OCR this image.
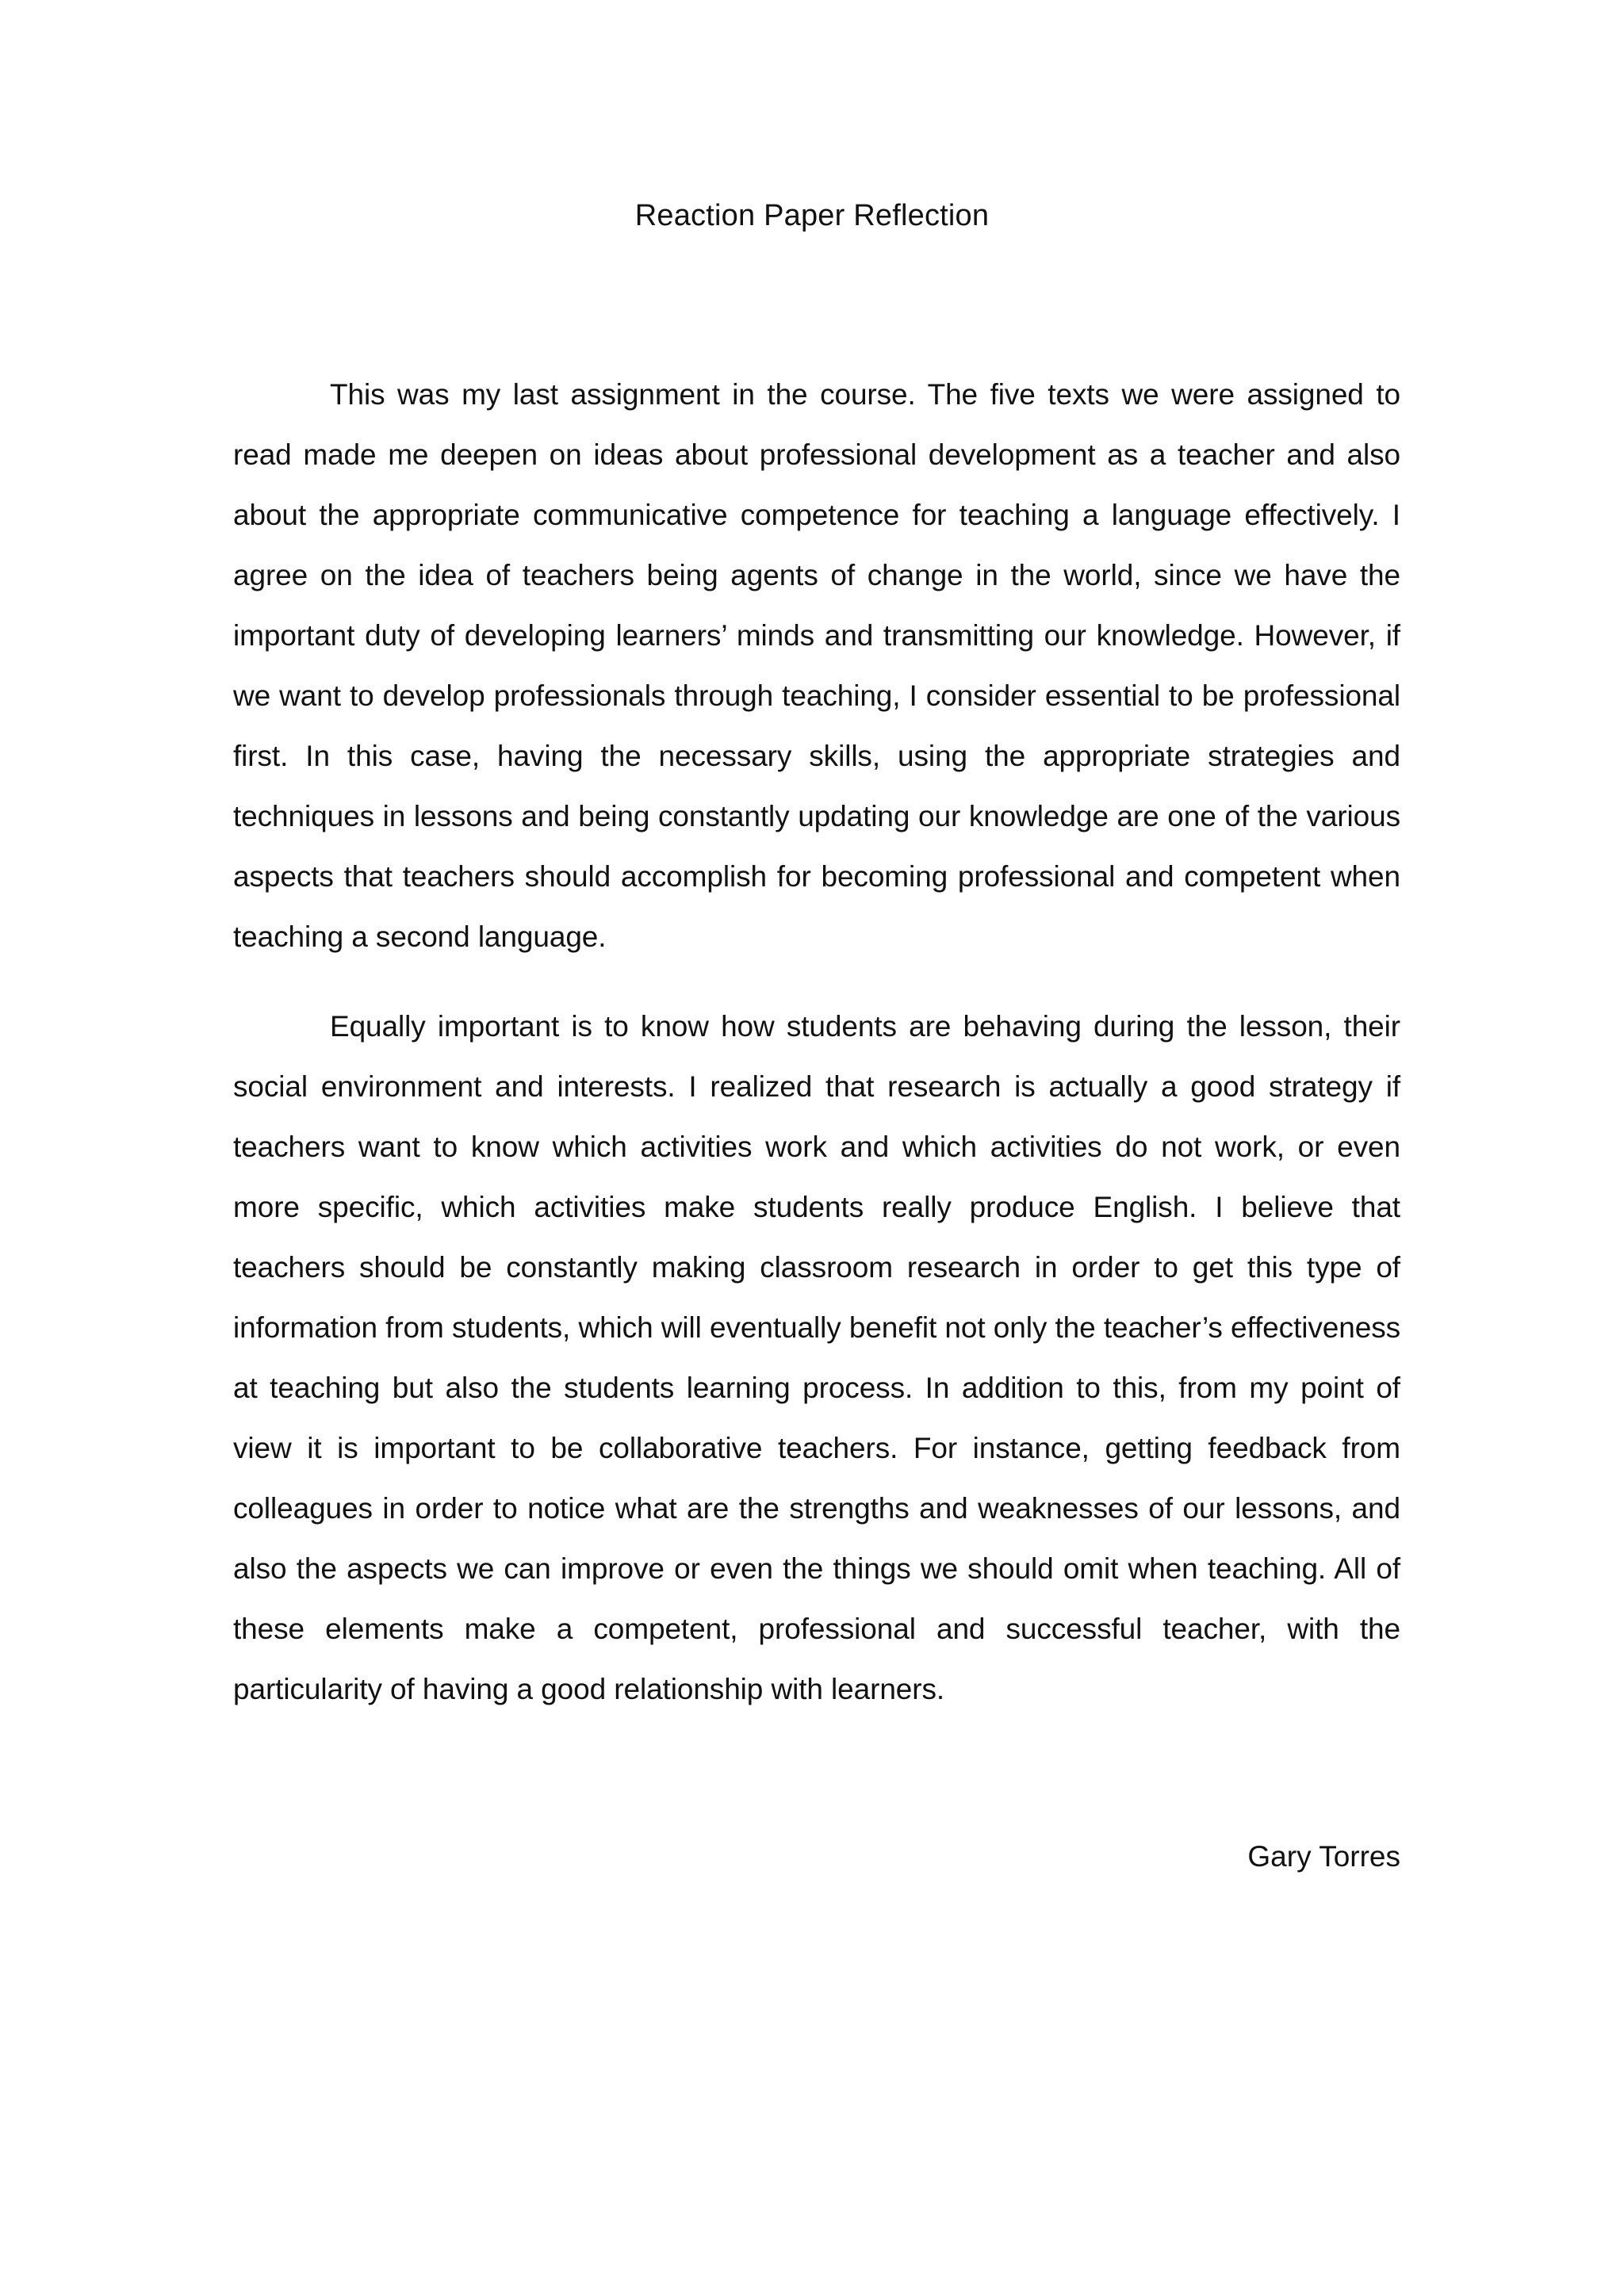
Reaction Paper Reflection

This was my last assignment in the course. The five texts we were assigned to read made me deepen on ideas about professional development as a teacher and also about the appropriate communicative competence for teaching a language effectively. I agree on the idea of teachers being agents of change in the world, since we have the important duty of developing learners’ minds and transmitting our knowledge. However, if we want to develop professionals through teaching, I consider essential to be professional first. In this case, having the necessary skills, using the appropriate strategies and techniques in lessons and being constantly updating our knowledge are one of the various aspects that teachers should accomplish for becoming professional and competent when teaching a second language.

Equally important is to know how students are behaving during the lesson, their social environment and interests. I realized that research is actually a good strategy if teachers want to know which activities work and which activities do not work, or even more specific, which activities make students really produce English. I believe that teachers should be constantly making classroom research in order to get this type of information from students, which will eventually benefit not only the teacher’s effectiveness at teaching but also the students learning process. In addition to this, from my point of view it is important to be collaborative teachers. For instance, getting feedback from colleagues in order to notice what are the strengths and weaknesses of our lessons, and also the aspects we can improve or even the things we should omit when teaching. All of these elements make a competent, professional and successful teacher, with the particularity of having a good relationship with learners.

Gary Torres
